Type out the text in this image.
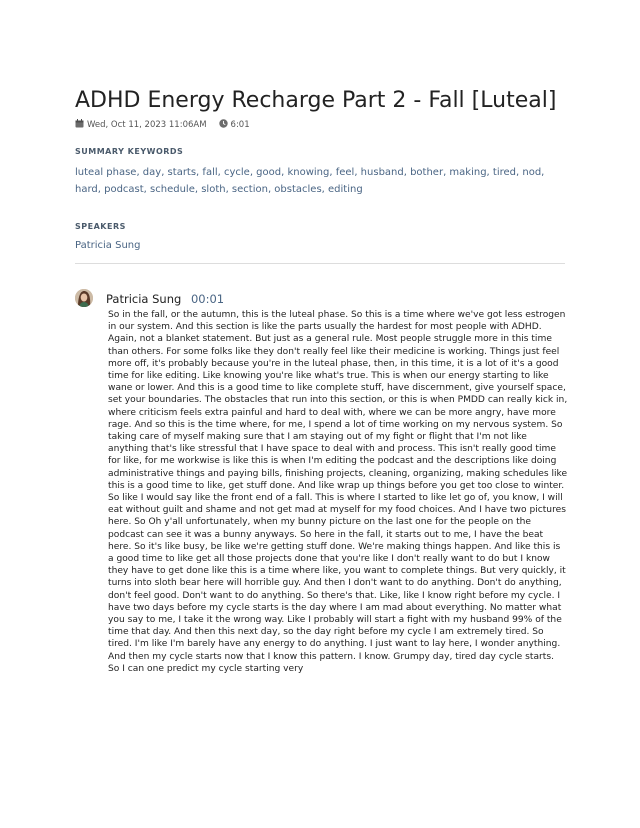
ADHD Energy Recharge Part 2 - Fall [Luteal]
Wed, Oct 11, 2023 11:06AM	6:01
SUMMARY KEYWORDS
luteal phase, day, starts, fall, cycle, good, knowing, feel, husband, bother, making, tired, nod, hard, podcast, schedule, sloth, section, obstacles, editing
SPEAKERS
Patricia Sung
Patricia Sung 00:01
So in the fall, or the autumn, this is the luteal phase. So this is a time where we've got less estrogen in our system. And this section is like the parts usually the hardest for most people with ADHD. Again, not a blanket statement. But just as a general rule. Most people struggle more in this time than others. For some folks like they don't really feel like their medicine is working. Things just feel more off, it's probably because you're in the luteal phase, then, in this time, it is a lot of it's a good time for like editing. Like knowing you're like what's true. This is when our energy starting to like wane or lower. And this is a good time to like complete stuff, have discernment, give yourself space, set your boundaries. The obstacles that run into this section, or this is when PMDD can really kick in, where criticism feels extra painful and hard to deal with, where we can be more angry, have more rage. And so this is the time where, for me, I spend a lot of time working on my nervous system. So taking care of myself making sure that I am staying out of my fight or flight that I'm not like anything that's like stressful that I have space to deal with and process. This isn't really good time for like, for me workwise is like this is when I'm editing the podcast and the descriptions like doing administrative things and paying bills, finishing projects, cleaning, organizing, making schedules like this is a good time to like, get stuff done. And like wrap up things before you get too close to winter. So like I would say like the front end of a fall. This is where I started to like let go of, you know, I will eat without guilt and shame and not get mad at myself for my food choices. And I have two pictures here. So Oh y'all unfortunately, when my bunny picture on the last one for the people on the podcast can see it was a bunny anyways. So here in the fall, it starts out to me, I have the beat here. So it's like busy, be like we're getting stuff done. We're making things happen. And like this is a good time to like get all those projects done that you're like I don't really want to do but I know they have to get done like this is a time where like, you want to complete things. But very quickly, it turns into sloth bear here will horrible guy. And then I don't want to do anything. Don't do anything, don't feel good. Don't want to do anything. So there's that. Like, like I know right before my cycle. I have two days before my cycle starts is the day where I am mad about everything. No matter what you say to me, I take it the wrong way. Like I probably will start a fight with my husband 99% of the time that day. And then this next day, so the day right before my cycle I am extremely tired. So tired. I'm like I'm barely have any energy to do anything. I just want to lay here, I wonder anything. And then my cycle starts now that I know this pattern. I know. Grumpy day, tired day cycle starts. So I can one predict my cycle starting very
